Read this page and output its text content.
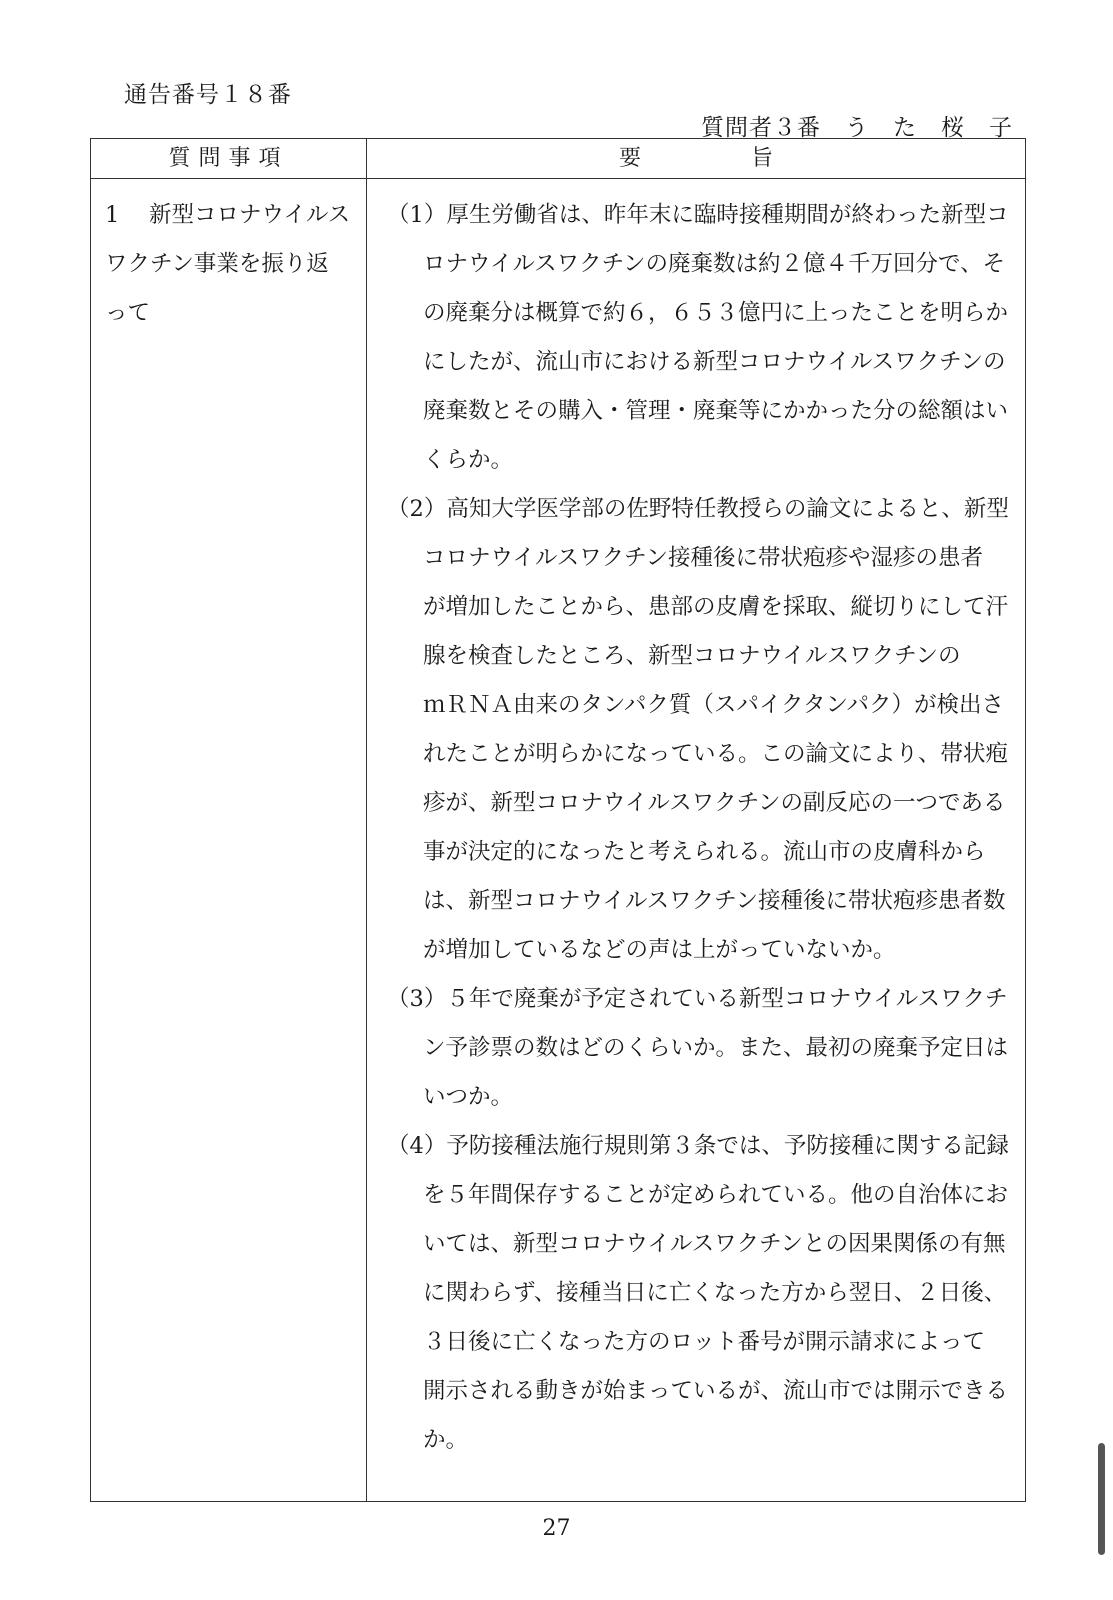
通告番号１８番
質問者３番　う　た　桜　子
質問事項	要　　　　　旨
1 新型コロナウイルス
ワクチン事業を振り返
って
（1）厚生労働省は、昨年末に臨時接種期間が終わった新型コ
ロナウイルスワクチンの廃棄数は約２億４千万回分で、そ
の廃棄分は概算で約６，６５３億円に上ったことを明らか
にしたが、流山市における新型コロナウイルスワクチンの
廃棄数とその購入・管理・廃棄等にかかった分の総額はい
くらか。
（2）高知大学医学部の佐野特任教授らの論文によると、新型
コロナウイルスワクチン接種後に帯状疱疹や湿疹の患者
が増加したことから、患部の皮膚を採取、縦切りにして汗
腺を検査したところ、新型コロナウイルスワクチンの
ｍＲＮＡ由来のタンパク質（スパイクタンパク）が検出さ
れたことが明らかになっている。この論文により、帯状疱
疹が、新型コロナウイルスワクチンの副反応の一つである
事が決定的になったと考えられる。流山市の皮膚科から
は、新型コロナウイルスワクチン接種後に帯状疱疹患者数
が増加しているなどの声は上がっていないか。
（3）５年で廃棄が予定されている新型コロナウイルスワクチ
ン予診票の数はどのくらいか。また、最初の廃棄予定日は
いつか。
（4）予防接種法施行規則第３条では、予防接種に関する記録
を５年間保存することが定められている。他の自治体にお
いては、新型コロナウイルスワクチンとの因果関係の有無
に関わらず、接種当日に亡くなった方から翌日、２日後、
３日後に亡くなった方のロット番号が開示請求によって
開示される動きが始まっているが、流山市では開示できる
か。
27
